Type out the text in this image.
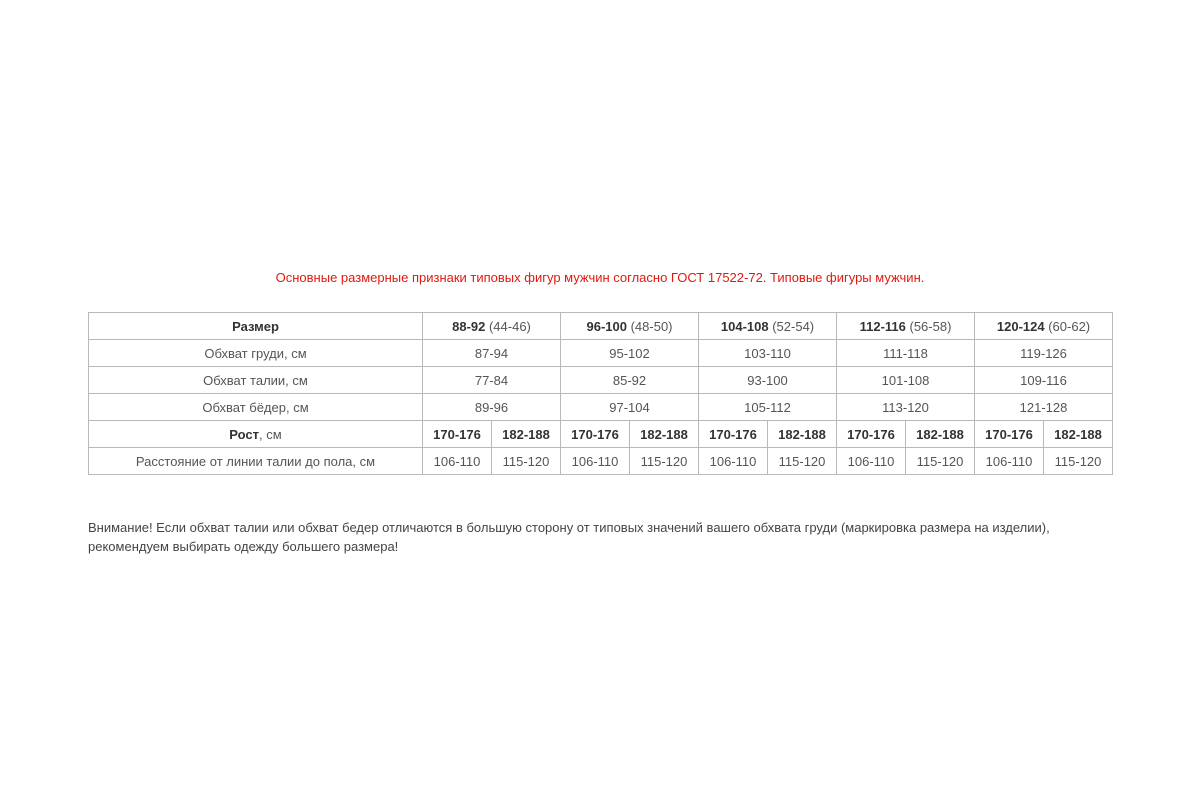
Основные размерные признаки типовых фигур мужчин согласно ГОСТ 17522-72. Типовые фигуры мужчин.
Размер	88-92 (44-46)		96-100 (48-50)		104-108 (52-54)		112-116 (56-58)		120-124 (60-62)	
Обхват груди, см	87-94		95-102		103-110		111-118		119-126	
Обхват талии, см	77-84		85-92		93-100		101-108		109-116	
Обхват бёдер, см	89-96		97-104		105-112		113-120		121-128	
Рост, см	170-176	182-188	170-176	182-188	170-176	182-188	170-176	182-188	170-176	182-188
Расстояние от линии талии до пола, см	106-110	115-120	106-110	115-120	106-110	115-120	106-110	115-120	106-110	115-120
Внимание! Если обхват талии или обхват бедер отличаются в большую сторону от типовых значений вашего обхвата груди (маркировка размера на изделии), рекомендуем выбирать одежду большего размера!
